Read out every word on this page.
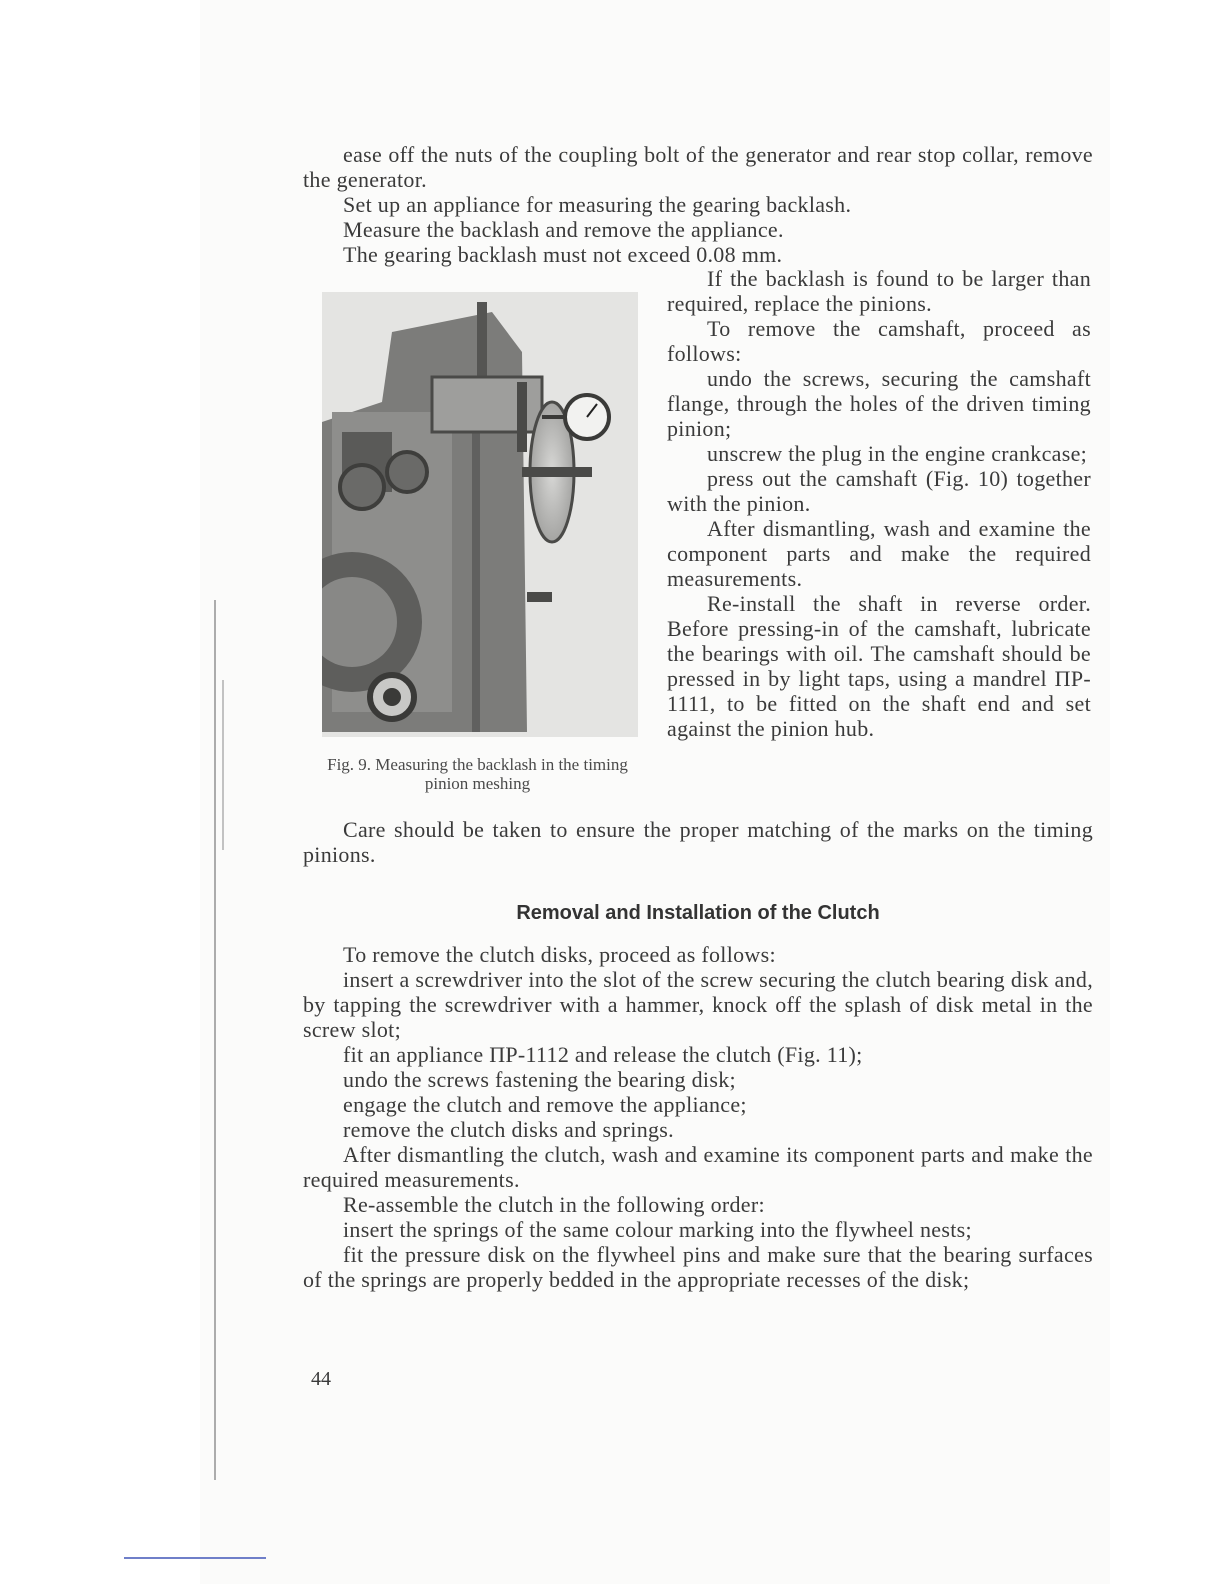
ease off the nuts of the coupling bolt of the generator and rear stop collar, remove the generator.

Set up an appliance for measuring the gearing backlash.

Measure the backlash and remove the appliance.

The gearing backlash must not exceed 0.08 mm.

Fig. 9. Measuring the backlash in the timing pinion meshing

If the backlash is found to be larger than required, replace the pinions.

To remove the camshaft, proceed as follows:

undo the screws, securing the camshaft flange, through the holes of the driven timing pinion;

unscrew the plug in the engine crankcase;

press out the camshaft (Fig. 10) together with the pinion.

After dismantling, wash and examine the component parts and make the required measurements.

Re-install the shaft in reverse order. Before pressing-in of the camshaft, lubricate the bearings with oil. The camshaft should be pressed in by light taps, using a mandrel ПP-1111, to be fitted on the shaft end and set against the pinion hub.

Care should be taken to ensure the proper matching of the marks on the timing pinions.

Removal and Installation of the Clutch

To remove the clutch disks, proceed as follows:

insert a screwdriver into the slot of the screw securing the clutch bearing disk and, by tapping the screwdriver with a hammer, knock off the splash of disk metal in the screw slot;

fit an appliance ПP-1112 and release the clutch (Fig. 11);

undo the screws fastening the bearing disk;

engage the clutch and remove the appliance;

remove the clutch disks and springs.

After dismantling the clutch, wash and examine its component parts and make the required measurements.

Re-assemble the clutch in the following order:

insert the springs of the same colour marking into the flywheel nests;

fit the pressure disk on the flywheel pins and make sure that the bearing surfaces of the springs are properly bedded in the appropriate recesses of the disk;

44
